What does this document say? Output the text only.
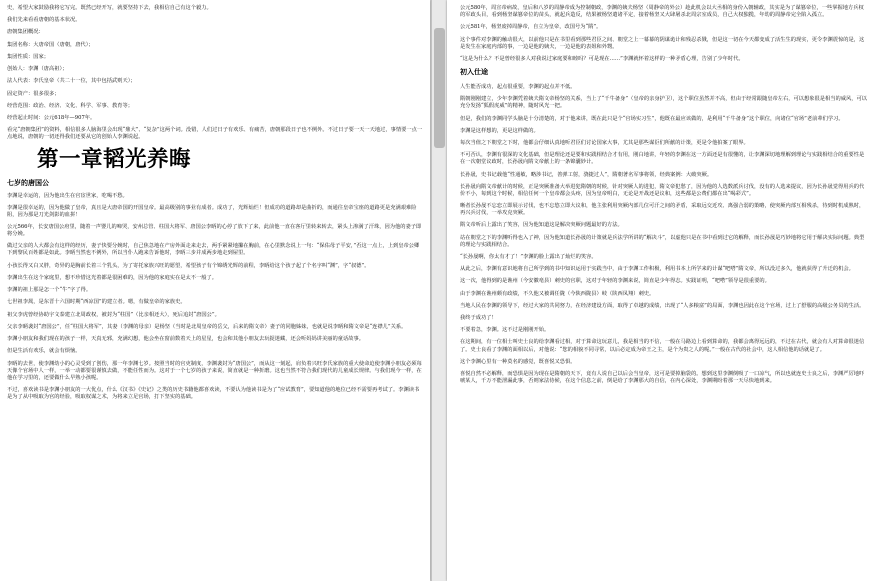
史，希望大家鼓励我将它写完。既然已经开写，就要坚持下去，我相信自己有这个毅力。

我们先来看看唐朝的基本状况。

唐朝集团概况：

集团名称：大唐帝国（唐朝，唐代）；

集团性质：国家；

创始人：李渊（唐高祖）；

法人代表：李氏皇帝（共二十一位，其中包括武则天）；

固定资产：很多很多；

经营范围：政治、经济、文化、科学、军事、教育等；

经营起止时间：公元618年—907年。

看完“唐朝集团”的资料，相信很多人脑海里会出现“鼎大”、“复杂”这两个词。没错，人们过日子有欢乐、有痛苦，唐朝那段日子也不例外。不过日子要一天一天地过，事情要一点一点地说，唐朝的一切还得我们还要从它的创始人李渊说起。

第一章韬光养晦
七岁的唐国公

李渊是幸运的，因为他出生在官宦世家，吃喝不愁。

李渊是很幸运的，因为他做了皇帝，真且是大唐帝国的开国皇帝。最高级别的事业有成者。成功了，光辉灿烂！但成功的道路却是曲折的，而通往皇帝宝座的道路更是充满艰难险阻，因为那是刀光剑影的血拼！

公元566年，长安唐国公府里，随着一声婴儿的啼哭，安州总管、柱国大将军、唐国公李昞的心停了放下了来，此前他一直在客厅里转来转去，紧头上渗满了汗珠，因为他的妻子即将分娩。

做过父亲的人大都会有这样的经历，妻子快要分娩时，自己焦急地在产房外面走来走去，两手紧紧地攥在胸前，在心里默念说上一句：“保佑母子平安，”否这一点上，上到皇帝公卿下到黎民百姓都是如此。李昞当然也不例外，所以当仆人跑来告诉他时，李昞三步并成两步地走到屋里。

小孩长得又白又胖，奇异的是胸前长着三个乳头，为了寄托家族兴旺的愿望，希望孩子有个锦绣光辉的前程，李昞给这个孩子起了个名字叫“渊”，字“叔德”。

李渊出生在这个家庭里，想不珍惜这光着都是很困难的，因为他的家庭实在是太不一般了。

李渊的祖上那是怎一个“牛”字了得。

七世祖李暠，是东晋十六国时期“西凉国”的建立者。嗯，有做皇帝的家族史。

祖父李虎曾经协助宇文泰建立北周政权，被封为“柱国”（比亲相还大），死后追封“唐国公”。

父亲李昞袭封“唐国公”，任“柱国大将军”，其妻（李渊的母亲）是杨坚（当时是北周皇帝的岳父，后来的隋文帝）妻子的同胞姊妹，也就是说李昞和隋文帝是“连襟儿”关系。

李渊小朋友和我们现在的孩子一样，天真无邪，充满幻想，他会坐在窗前数着天上的星星，也会和其他小朋友去玩捉迷藏，还会听妈妈讲美丽的童话故事。

但是生活有欢乐，就会有烦恼。

李昞的去世，使李渊幼小的心灵受到了创伤，那一年李渊七岁。按照当时的官吏制度，李渊袭封为“唐国公”，而从这一刻起，肩负着兴旺李氏家族的重大使命迫使李渊小朋友必须每天像个官场中人一样，一举一动都要很谨慎去做，不能任性而为。这对于一个七岁的孩子来说，简直就是一种折磨。这也当然不符合我们现代的儿童成长规律。与我们现今一样，在他在学习里的，还要做什么早熟小孩呢。

不过，喜欢读书是李渊小朋友的一大优点，什么《汉书》《史记》之类的历史书籍他都喜欢读，不要认为他读书是为了“应试教育”，要知道他的地位已经不需要再考试了。李渊读书是为了从中吸取为官的经验，吸取权谋之术，为将来立足官场，打下坚实的基础。

公元580年，周宣帝病故，皇后和八岁的周静帝成为控制朝政，李渊的姨夫杨坚（周静帝的外公）趁此机会以大丞相的身份入朝辅政，其实是为了谋篡帝位，一些掌握地方兵权的军政头目，看到杨坚谋篡帝位的苗头，就起兵造反，结果被杨坚遣诸平定，接着杨坚又大肆屠杀北周宗室成员，自己大权独揽，年幼的周静帝完全陷入孤立。

公元581年，杨坚废掉周静帝，自立为皇帝，改国号为“隋”。

这个事件对李渊的触动很大，以前他只是在书里看到那些君臣之间、朝堂之上一幕幕的阴谋诡计和残忍杀戮，但是这一切在今天都变成了活生生的现实，更令李渊震惊的是，这是发生在家庭内部的事，一边是他的姨夫，一边是他的表姐和外甥。

“这是为什么？不是曾经很多人对我说过家庭要和睦吗？可是现在……”李渊就怀着这样的一种矛盾心理，告别了少年时代。

初入仕途

人生能否成功，起点很重要，李渊的起点并不低。

隋朝刚刚建立，少年李渊凭着姨夫隋文帝杨坚的关系，当上了“千牛备身”（皇帝的亲身护卫），这个职位虽然并不高，但由于经常跟随皇帝左右，可以想象很是相当的威风，可以充分发扬“狐假虎威”的精神，随时风光一把。

但是，我们的李渊同学头脑是十分清楚的，对于他来讲，既在此只是个“官场实习生”，他既在最应该做的，是利用“千牛备身”这个职位，向诸位“官场”老前辈们学习。

李渊是这样想的，更是这样做的。

每次当值之下朝堂之下时，他都会仔细认真地听君臣们讨论国家大事，尤其是那些谋臣们所献的计策，更是令他拍案了眼界。

不可否认，李渊有很深的文化基础，但是理论还是要和实践相结合才有用，刚白地讲，年轻的李渊在这一方面还是有很懂的，让李渊深切地理解到理论与实践相结合的重要性是在一次朝堂议政时，长孙晟向隋文帝献上的一条锦囊妙计。

长孙晟，史书记载他“性通敏，略涉书记，善弹工射，骁捷过人”，隋朝著名军事将领，经典案例：大破突厥。

长孙晟向隋文帝献计的时候，正是突厥准备大举进犯隋朝的时候，针对突厥人的进犯，隋文帝犯愁了，因为他的人选数派兵讨伐，没有的人选来提议，因为长孙晟觉得用兵的代价不小，每到这个时候，相信任何一个皇帝都会头疼，因为皇帝明白，无论是开战还是议和，这些都是公费们都在出“喝彩式”。

晰者长孙晟不忘恋立即展示讨伐，也不忘悠立即大议和，他主张利用突厥内部几位可汗之间的矛盾，采取远交近攻、离强合弱的策略，使突厥内部互相残杀，待到时机成熟时，再兴兵讨伐，一举攻克突厥。

隋文帝听后上露出了笑容，因为他知道这是解决突厥问题最好的方法。

站在朝堂之下的李渊听得也入了神，因为他知道长孙晟的计策就是兵法学所讲的“解决斗”，以虚他只是在书中看到过它的解释，而长孙晟是巧妙地将它用于解决实际问题。典型的理论与实践相结合。

“长孙晟啊，你太有才了！”李渊的脸上露出了灿烂的笑容。

从此之后，李渊有意识地将自己所学到的书中知识运用于实践当中，由于李渊工作积极，利用书本上所学来的计谋“吧嗒”隋文帝，所以没过多久，他就获得了升迁的机会。

这一次，他得到的是谯州（今安徽亳县）刺史的官职，这对于年轻的李渊来说，简直是少年得志。实践证明，“吧嗒”领导是很重要的。

由于李渊在谯州颇有政绩，不久他又被调任陇（今陕西陇县）岐（陕西凤翔）刺史。

当地人民在李渊的领导下，经过大家的共同努力，在经济建设方面，取得了卓越的成绩，出现了“人多粮富”的局面，李渊也因此在这个官场，过上了舒服的高级公务员的生活。

我终于成功了！

不要着急，李渊。这不过是刚刚开始。

在这期间，有一位相士叫史士良的给李渊看过相，对于算命这玩意儿，我是相当的不信，一般在马路边上看到算命的，我都会离得远远的，不过在古代，就会有人对算命很迷信了。史士良看了李渊的面相以后，对他说：“您的相貌不同寻常，以后必定成为帝王之主，是个为贵之人的呢。”一般在古代的社会中，这人相信他的话就是了。

这个李渊心里有一种莫名的感觉，既喜悦又恐惧。

喜悦自然不必解释，而恐惧是因为现在是隋朝的天下，竟有人说自己以后会当皇帝，这可是要掉脑袋的。想到这里李渊倒吸了一口凉气，所以也就连史士良之后，李渊严厉地吓唬某人，千万不能泄漏此事，否则家法侍候，在这个信息之前，倒是给了李渊那大的自信，在内心深处，李渊期盼着那一天尽快地到来。
